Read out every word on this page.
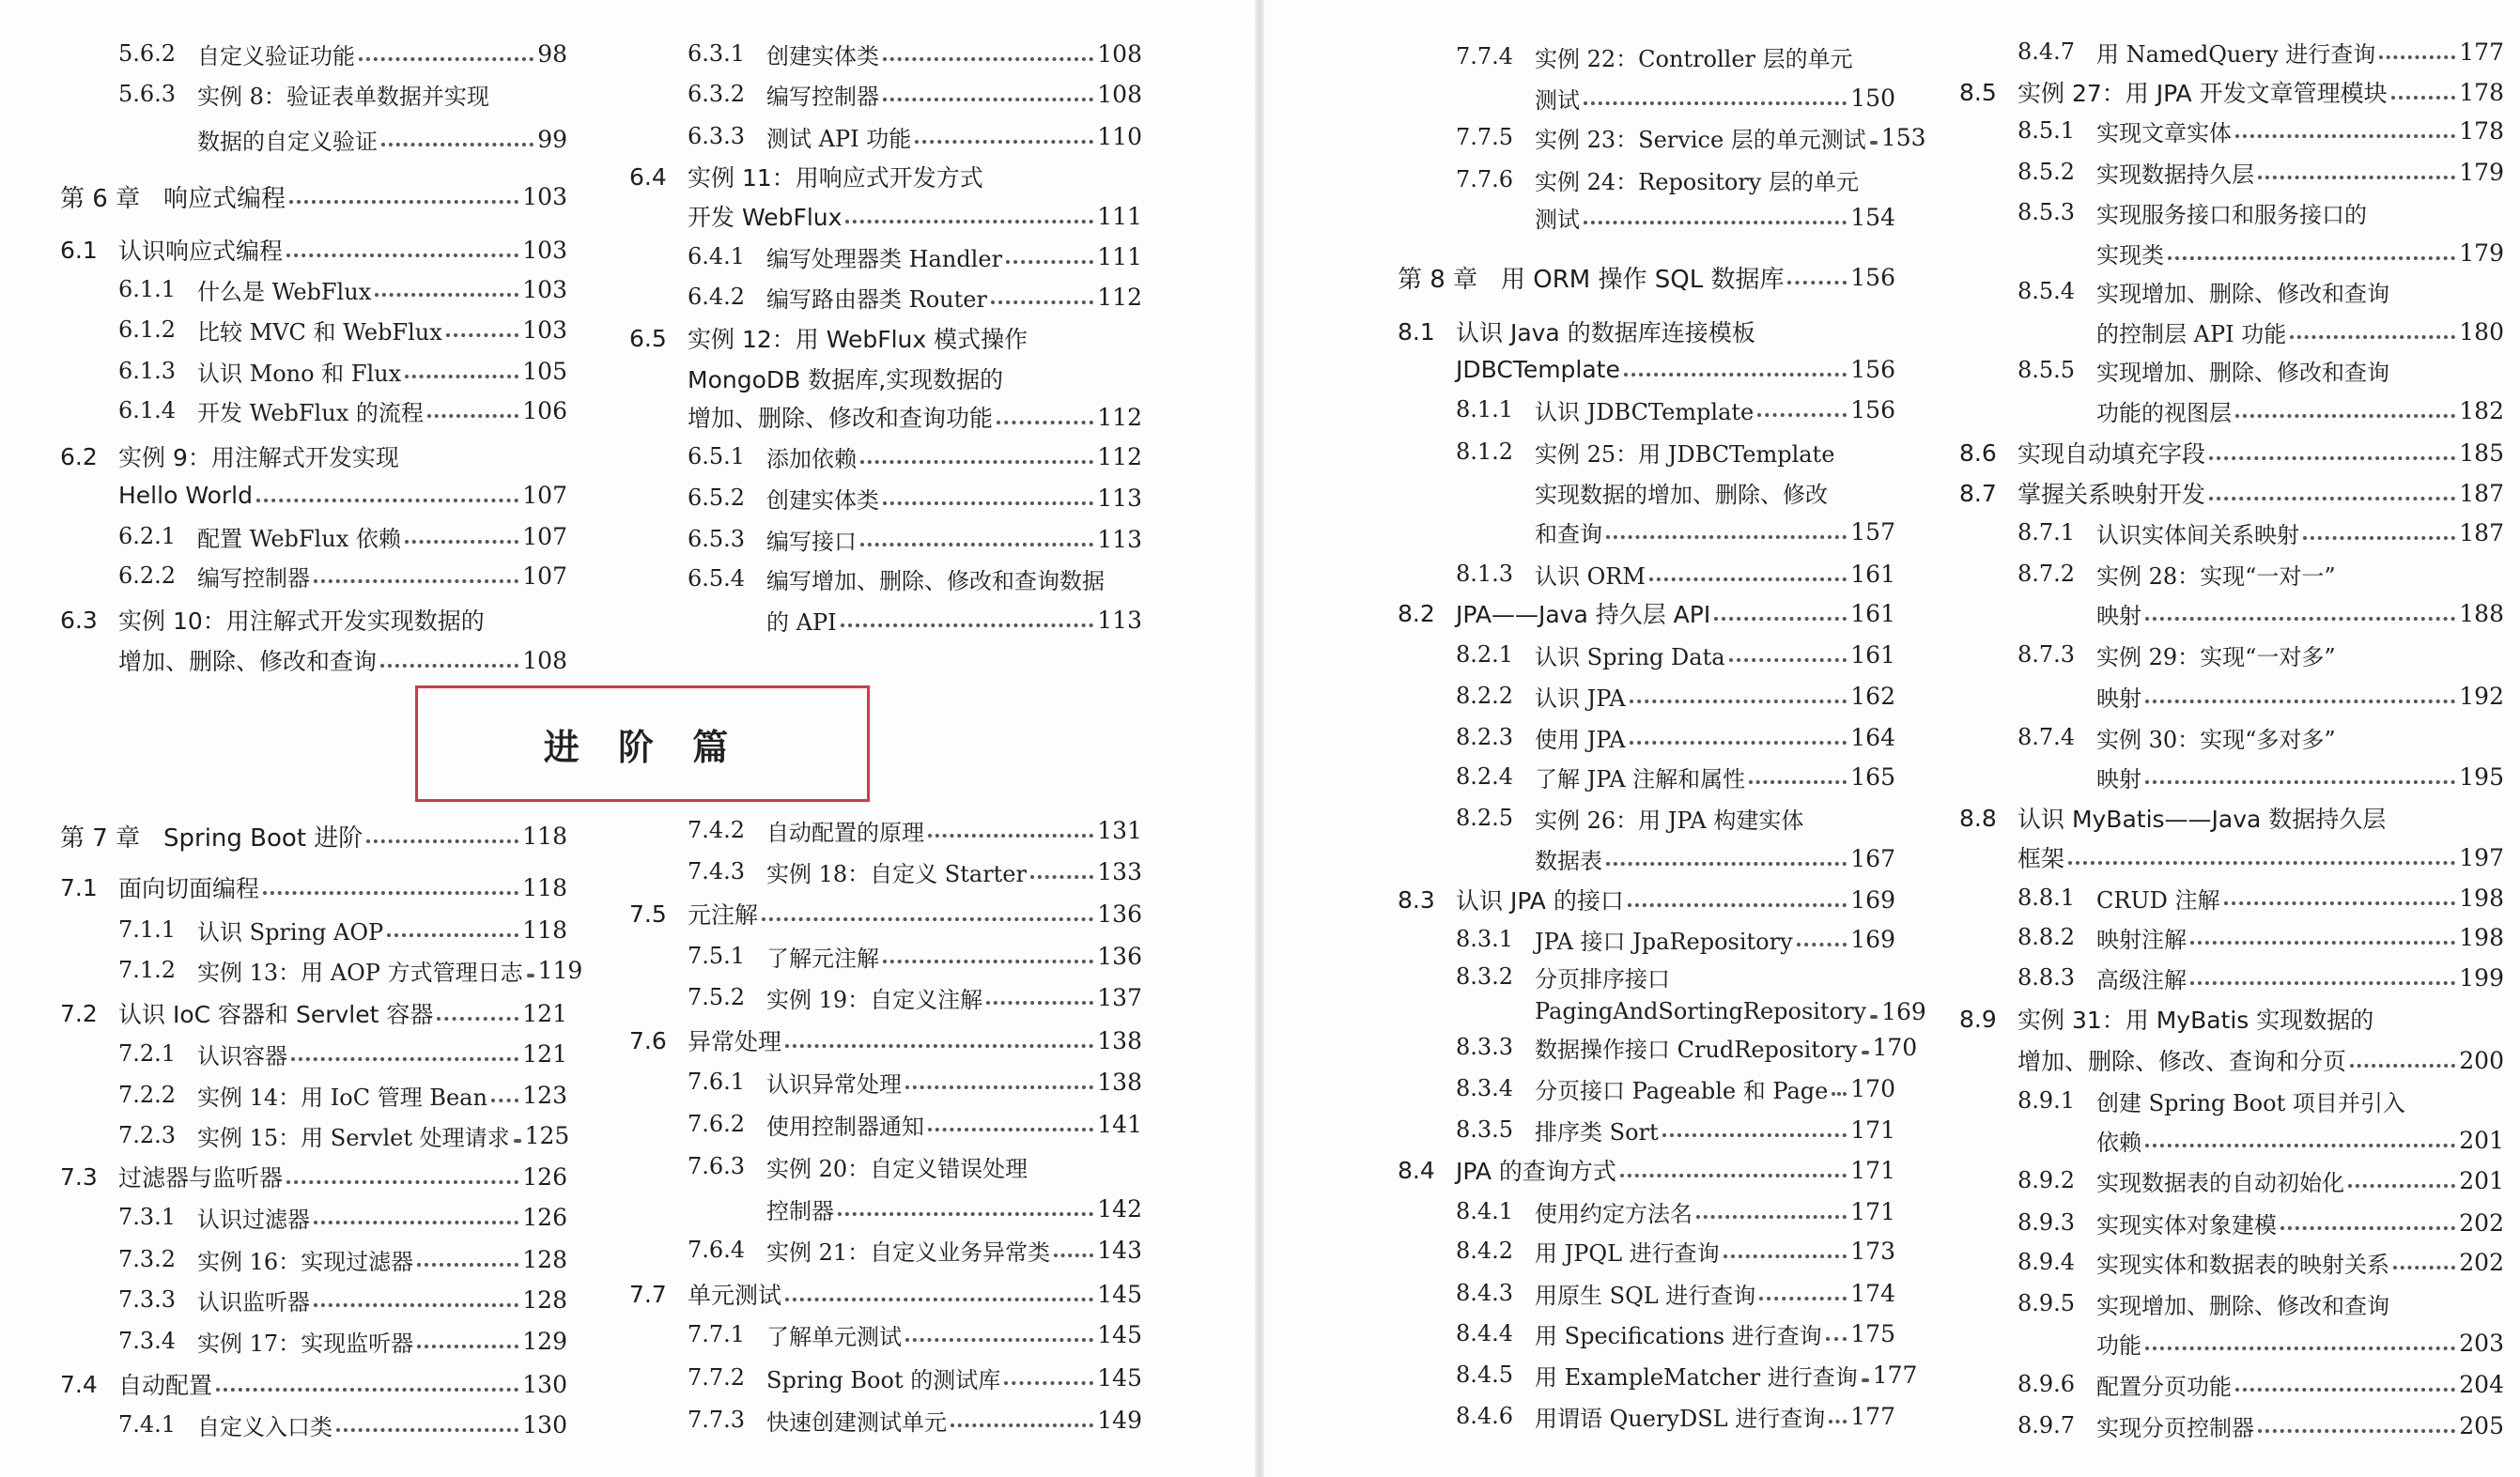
5.6.2 自定义验证功能	98
5.6.3 实例 8：验证表单数据并实现
数据的自定义验证	99
第 6 章 响应式编程	103
6.1 认识响应式编程	103
6.1.1 什么是 WebFlux	103
6.1.2 比较 MVC 和 WebFlux	103
6.1.3 认识 Mono 和 Flux	105
6.1.4 开发 WebFlux 的流程	106
6.2 实例 9：用注解式开发实现
Hello World	107
6.2.1 配置 WebFlux 依赖	107
6.2.2 编写控制器	107
6.3 实例 10：用注解式开发实现数据的
增加、删除、修改和查询	108
第 7 章 Spring Boot 进阶	118
7.1 面向切面编程	118
7.1.1 认识 Spring AOP	118
7.1.2 实例 13：用 AOP 方式管理日志 119
7.2 认识 IoC 容器和 Servlet 容器	121
7.2.1 认识容器	121
7.2.2 实例 14：用 IoC 管理 Bean 123
7.2.3 实例 15：用 Servlet 处理请求 125
7.3 过滤器与监听器	126
7.3.1 认识过滤器	126
7.3.2 实例 16：实现过滤器	128
7.3.3 认识监听器	128
7.3.4 实例 17：实现监听器	129
7.4 自动配置	130
7.4.1 自定义入口类	130
6.3.1 创建实体类	108
6.3.2 编写控制器	108
6.3.3 测试 API 功能	110
6.4 实例 11：用响应式开发方式
开发 WebFlux	111
6.4.1 编写处理器类 Handler	111
6.4.2 编写路由器类 Router	112
6.5 实例 12：用 WebFlux 模式操作
MongoDB 数据库,实现数据的
增加、删除、修改和查询功能	112
6.5.1 添加依赖	112
6.5.2 创建实体类	113
6.5.3 编写接口	113
6.5.4 编写增加、删除、修改和查询数据
的 API	113
7.4.2 自动配置的原理	131
7.4.3 实例 18：自定义 Starter	133
7.5 元注解	136
7.5.1 了解元注解	136
7.5.2 实例 19：自定义注解	137
7.6 异常处理	138
7.6.1 认识异常处理	138
7.6.2 使用控制器通知	141
7.6.3 实例 20：自定义错误处理
控制器	142
7.6.4 实例 21：自定义业务异常类 143
7.7 单元测试	145
7.7.1 了解单元测试	145
7.7.2 Spring Boot 的测试库	145
7.7.3 快速创建测试单元	149
进 阶 篇
7.7.4 实例 22：Controller 层的单元
测试	150
7.7.5 实例 23：Service 层的单元测试 153
7.7.6 实例 24：Repository 层的单元
测试	154
第 8 章 用 ORM 操作 SQL 数据库	156
8.1 认识 Java 的数据库连接模板
JDBCTemplate	156
8.1.1 认识 JDBCTemplate	156
8.1.2 实例 25：用 JDBCTemplate
实现数据的增加、删除、修改
和查询	157
8.1.3 认识 ORM	161
8.2 JPA——Java 持久层 API	161
8.2.1 认识 Spring Data	161
8.2.2 认识 JPA	162
8.2.3 使用 JPA	164
8.2.4 了解 JPA 注解和属性	165
8.2.5 实例 26：用 JPA 构建实体
数据表	167
8.3 认识 JPA 的接口	169
8.3.1 JPA 接口 JpaRepository 169
8.3.2 分页排序接口
PagingAndSortingRepository 169
8.3.3 数据操作接口 CrudRepository 170
8.3.4 分页接口 Pageable 和 Page 170
8.3.5 排序类 Sort	171
8.4 JPA 的查询方式	171
8.4.1 使用约定方法名	171
8.4.2 用 JPQL 进行查询	173
8.4.3 用原生 SQL 进行查询	174
8.4.4 用 Specifications 进行查询 175
8.4.5 用 ExampleMatcher 进行查询 177
8.4.6 用谓语 QueryDSL 进行查询 177
8.4.7 用 NamedQuery 进行查询	177
8.5 实例 27：用 JPA 开发文章管理模块	178
8.5.1 实现文章实体	178
8.5.2 实现数据持久层	179
8.5.3 实现服务接口和服务接口的
实现类	179
8.5.4 实现增加、删除、修改和查询
的控制层 API 功能	180
8.5.5 实现增加、删除、修改和查询
功能的视图层	182
8.6 实现自动填充字段	185
8.7 掌握关系映射开发	187
8.7.1 认识实体间关系映射	187
8.7.2 实例 28：实现“一对一”
映射	188
8.7.3 实例 29：实现“一对多”
映射	192
8.7.4 实例 30：实现“多对多”
映射	195
8.8 认识 MyBatis——Java 数据持久层
框架	197
8.8.1 CRUD 注解	198
8.8.2 映射注解	198
8.8.3 高级注解	199
8.9 实例 31：用 MyBatis 实现数据的
增加、删除、修改、查询和分页	200
8.9.1 创建 Spring Boot 项目并引入
依赖	201
8.9.2 实现数据表的自动初始化	201
8.9.3 实现实体对象建模	202
8.9.4 实现实体和数据表的映射关系	202
8.9.5 实现增加、删除、修改和查询
功能	203
8.9.6 配置分页功能	204
8.9.7 实现分页控制器	205
